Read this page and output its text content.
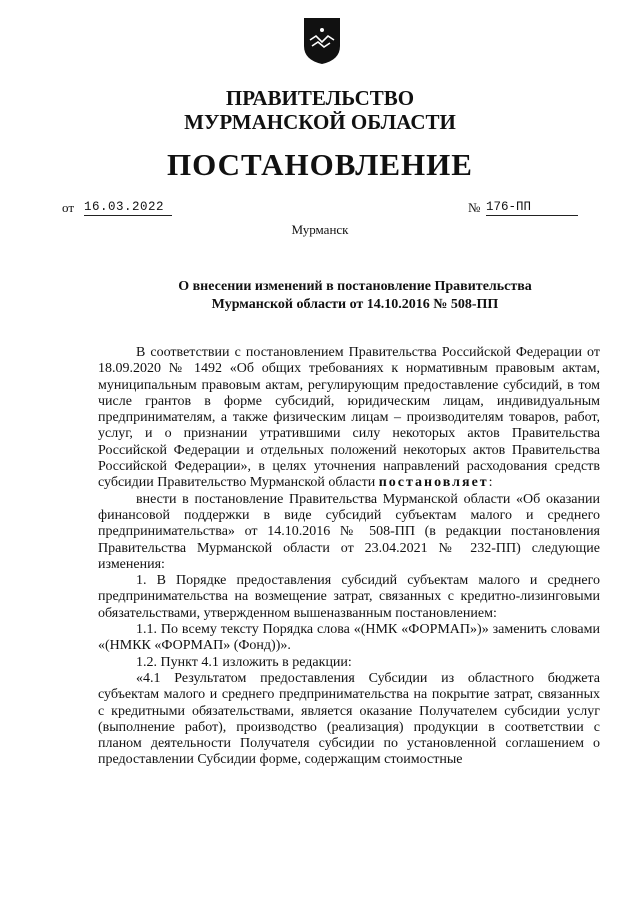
ПРАВИТЕЛЬСТВО
МУРМАНСКОЙ ОБЛАСТИ
ПОСТАНОВЛЕНИЕ
от 16.03.2022	№ 176-ПП
Мурманск
О внесении изменений в постановление Правительства
Мурманской области от 14.10.2016 № 508-ПП

В соответствии с постановлением Правительства Российской Федерации от 18.09.2020 № 1492 «Об общих требованиях к нормативным правовым актам, муниципальным правовым актам, регулирующим предоставление субсидий, в том числе грантов в форме субсидий, юридическим лицам, индивидуальным предпринимателям, а также физическим лицам – производителям товаров, работ, услуг, и о признании утратившими силу некоторых актов Правительства Российской Федерации и отдельных положений некоторых актов Правительства Российской Федерации», в целях уточнения направлений расходования средств субсидии Правительство Мурманской области постановляет:

внести в постановление Правительства Мурманской области «Об оказании финансовой поддержки в виде субсидий субъектам малого и среднего предпринимательства» от 14.10.2016 № 508-ПП (в редакции постановления Правительства Мурманской области от 23.04.2021 № 232-ПП) следующие изменения:

1. В Порядке предоставления субсидий субъектам малого и среднего предпринимательства на возмещение затрат, связанных с кредитно-лизинговыми обязательствами, утвержденном вышеназванным постановлением:

1.1. По всему тексту Порядка слова «(НМК «ФОРМАП»)» заменить словами «(НМКК «ФОРМАП» (Фонд))».

1.2. Пункт 4.1 изложить в редакции:

«4.1 Результатом предоставления Субсидии из областного бюджета субъектам малого и среднего предпринимательства на покрытие затрат, связанных с кредитными обязательствами, является оказание Получателем субсидии услуг (выполнение работ), производство (реализация) продукции в соответствии с планом деятельности Получателя субсидии по установленной соглашением о предоставлении Субсидии форме, содержащим стоимостные
